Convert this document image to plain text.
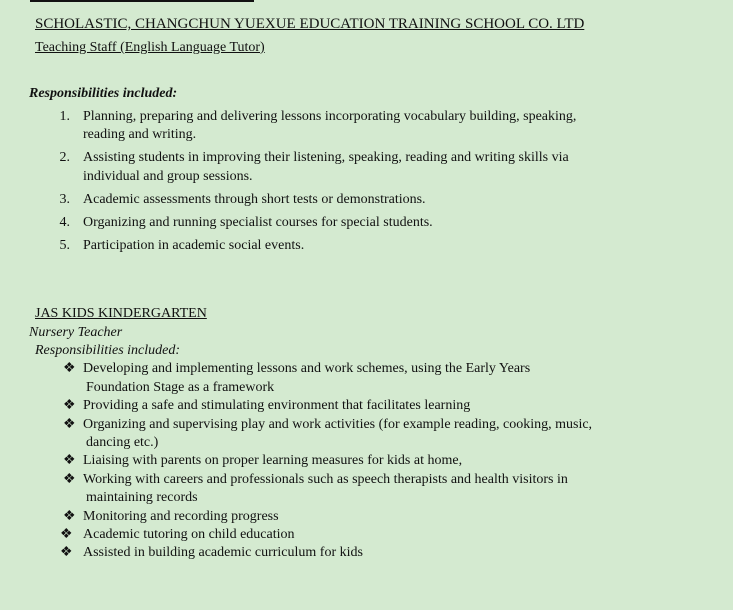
SCHOLASTIC, CHANGCHUN YUEXUE EDUCATION TRAINING SCHOOL CO. LTD
Teaching Staff (English Language Tutor)
Responsibilities included:
1. Planning, preparing and delivering lessons incorporating vocabulary building, speaking,
reading and writing.
2. Assisting students in improving their listening, speaking, reading and writing skills via
individual and group sessions.
3. Academic assessments through short tests or demonstrations.
4. Organizing and running specialist courses for special students.
5. Participation in academic social events.
JAS KIDS KINDERGARTEN
Nursery Teacher
Responsibilities included:
❖ Developing and implementing lessons and work schemes, using the Early Years
Foundation Stage as a framework
❖ Providing a safe and stimulating environment that facilitates learning
❖ Organizing and supervising play and work activities (for example reading, cooking, music,
dancing etc.)
❖ Liaising with parents on proper learning measures for kids at home,
❖ Working with careers and professionals such as speech therapists and health visitors in
maintaining records
❖ Monitoring and recording progress
❖ Academic tutoring on child education
❖ Assisted in building academic curriculum for kids
